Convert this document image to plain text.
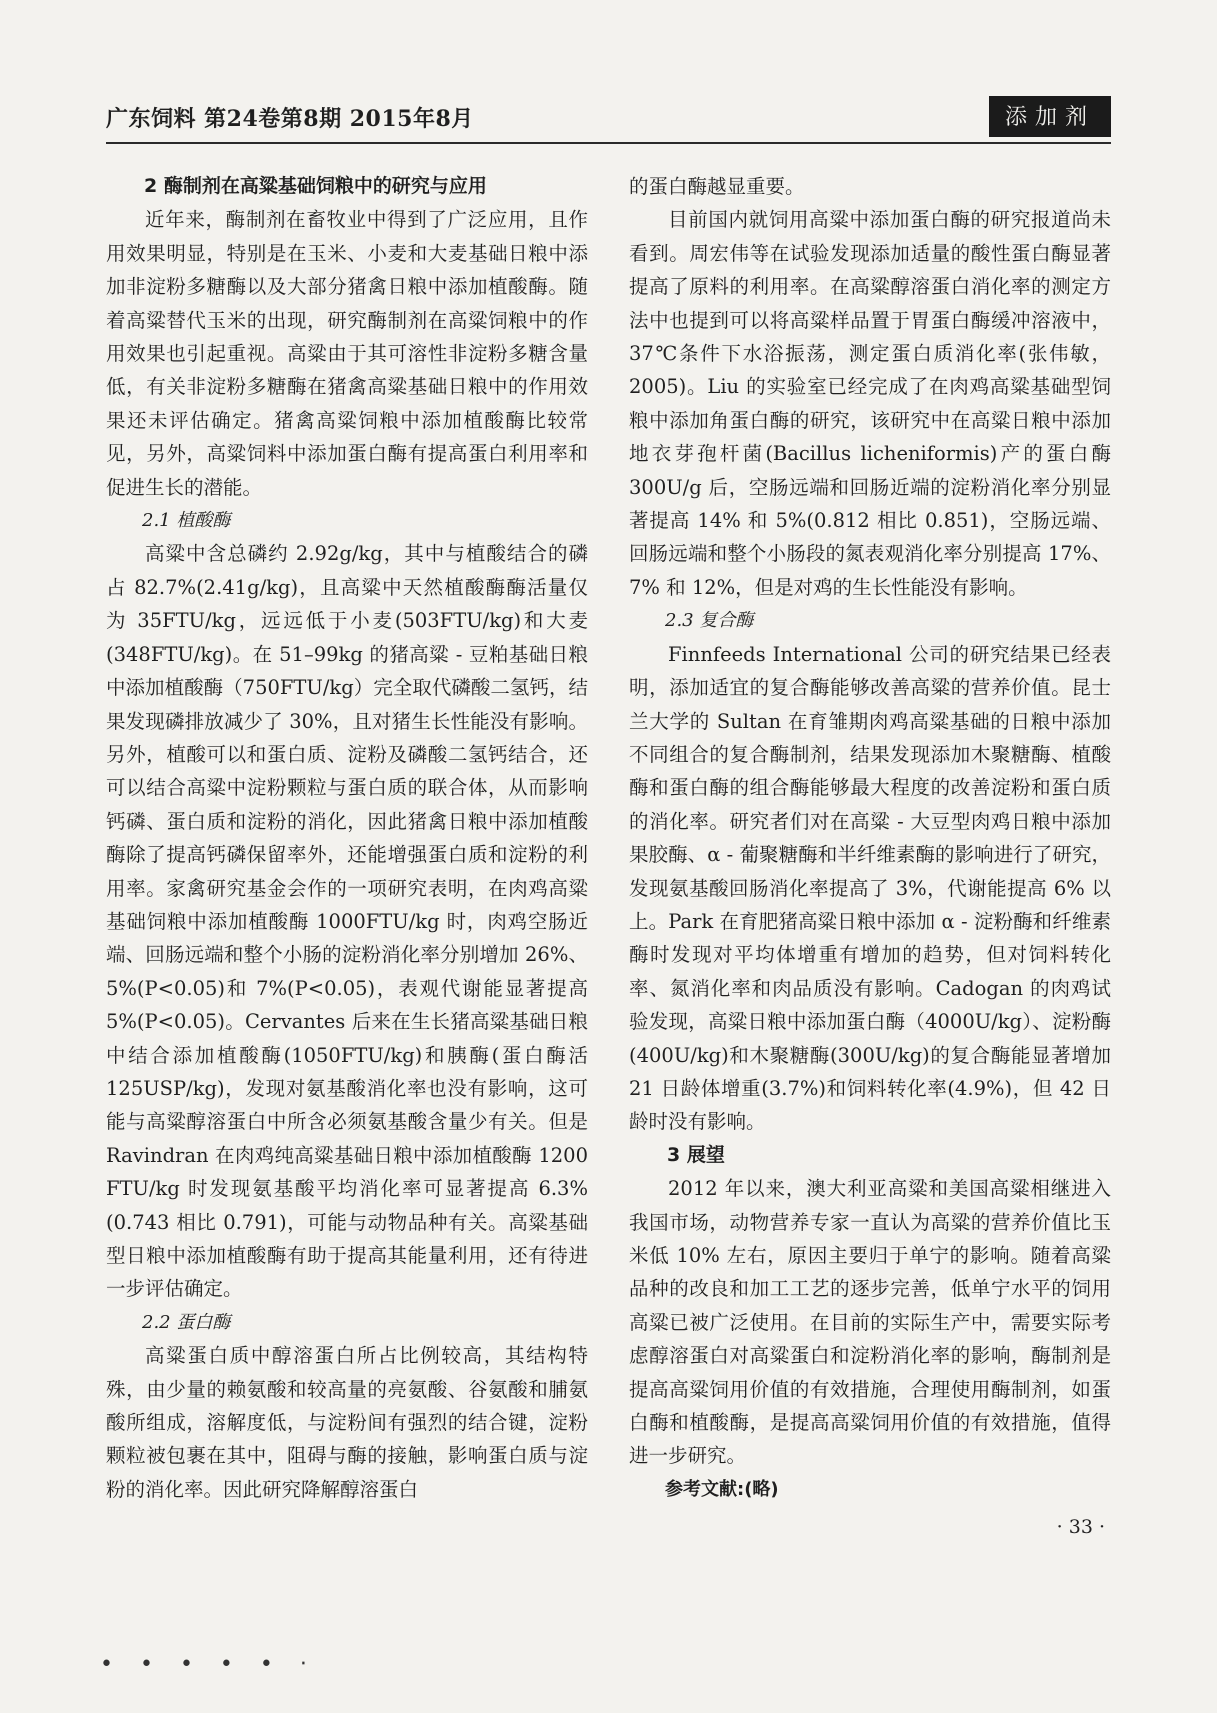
广东饲料 第24卷第8期 2015年8月	添加剂

2 酶制剂在高粱基础饲粮中的研究与应用

近年来，酶制剂在畜牧业中得到了广泛应用，且作用效果明显，特别是在玉米、小麦和大麦基础日粮中添加非淀粉多糖酶以及大部分猪禽日粮中添加植酸酶。随着高粱替代玉米的出现，研究酶制剂在高粱饲粮中的作用效果也引起重视。高粱由于其可溶性非淀粉多糖含量低，有关非淀粉多糖酶在猪禽高粱基础日粮中的作用效果还未评估确定。猪禽高粱饲粮中添加植酸酶比较常见，另外，高粱饲料中添加蛋白酶有提高蛋白利用率和促进生长的潜能。

2.1 植酸酶

高粱中含总磷约 2.92g/kg，其中与植酸结合的磷占 82.7%(2.41g/kg)，且高粱中天然植酸酶酶活量仅为 35FTU/kg，远远低于小麦(503FTU/kg)和大麦(348FTU/kg)。在 51–99kg 的猪高粱 - 豆粕基础日粮中添加植酸酶（750FTU/kg）完全取代磷酸二氢钙，结果发现磷排放减少了 30%，且对猪生长性能没有影响。另外，植酸可以和蛋白质、淀粉及磷酸二氢钙结合，还可以结合高粱中淀粉颗粒与蛋白质的联合体，从而影响钙磷、蛋白质和淀粉的消化，因此猪禽日粮中添加植酸酶除了提高钙磷保留率外，还能增强蛋白质和淀粉的利用率。家禽研究基金会作的一项研究表明，在肉鸡高粱基础饲粮中添加植酸酶 1000FTU/kg 时，肉鸡空肠近端、回肠远端和整个小肠的淀粉消化率分别增加 26%、5%(P<0.05)和 7%(P<0.05)，表观代谢能显著提高 5%(P<0.05)。Cervantes 后来在生长猪高粱基础日粮中结合添加植酸酶(1050FTU/kg)和胰酶(蛋白酶活 125USP/kg)，发现对氨基酸消化率也没有影响，这可能与高粱醇溶蛋白中所含必须氨基酸含量少有关。但是 Ravindran 在肉鸡纯高粱基础日粮中添加植酸酶 1200 FTU/kg 时发现氨基酸平均消化率可显著提高 6.3%(0.743 相比 0.791)，可能与动物品种有关。高粱基础型日粮中添加植酸酶有助于提高其能量利用，还有待进一步评估确定。

2.2 蛋白酶

高粱蛋白质中醇溶蛋白所占比例较高，其结构特殊，由少量的赖氨酸和较高量的亮氨酸、谷氨酸和脯氨酸所组成，溶解度低，与淀粉间有强烈的结合键，淀粉颗粒被包裹在其中，阻碍与酶的接触，影响蛋白质与淀粉的消化率。因此研究降解醇溶蛋白

的蛋白酶越显重要。

目前国内就饲用高粱中添加蛋白酶的研究报道尚未看到。周宏伟等在试验发现添加适量的酸性蛋白酶显著提高了原料的利用率。在高粱醇溶蛋白消化率的测定方法中也提到可以将高粱样品置于胃蛋白酶缓冲溶液中，37℃条件下水浴振荡，测定蛋白质消化率(张伟敏，2005)。Liu 的实验室已经完成了在肉鸡高粱基础型饲粮中添加角蛋白酶的研究，该研究中在高粱日粮中添加地衣芽孢杆菌(Bacillus licheniformis)产的蛋白酶 300U/g 后，空肠远端和回肠近端的淀粉消化率分别显著提高 14% 和 5%(0.812 相比 0.851)，空肠远端、回肠远端和整个小肠段的氮表观消化率分别提高 17%、7% 和 12%，但是对鸡的生长性能没有影响。

2.3 复合酶

Finnfeeds International 公司的研究结果已经表明，添加适宜的复合酶能够改善高粱的营养价值。昆士兰大学的 Sultan 在育雏期肉鸡高粱基础的日粮中添加不同组合的复合酶制剂，结果发现添加木聚糖酶、植酸酶和蛋白酶的组合酶能够最大程度的改善淀粉和蛋白质的消化率。研究者们对在高粱 - 大豆型肉鸡日粮中添加果胶酶、α - 葡聚糖酶和半纤维素酶的影响进行了研究，发现氨基酸回肠消化率提高了 3%，代谢能提高 6% 以上。Park 在育肥猪高粱日粮中添加 α - 淀粉酶和纤维素酶时发现对平均体增重有增加的趋势，但对饲料转化率、氮消化率和肉品质没有影响。Cadogan 的肉鸡试验发现，高粱日粮中添加蛋白酶（4000U/kg）、淀粉酶(400U/kg)和木聚糖酶(300U/kg)的复合酶能显著增加 21 日龄体增重(3.7%)和饲料转化率(4.9%)，但 42 日龄时没有影响。

3 展望

2012 年以来，澳大利亚高粱和美国高粱相继进入我国市场，动物营养专家一直认为高粱的营养价值比玉米低 10% 左右，原因主要归于单宁的影响。随着高粱品种的改良和加工工艺的逐步完善，低单宁水平的饲用高粱已被广泛使用。在目前的实际生产中，需要实际考虑醇溶蛋白对高粱蛋白和淀粉消化率的影响，酶制剂是提高高粱饲用价值的有效措施，合理使用酶制剂，如蛋白酶和植酸酶，是提高高粱饲用价值的有效措施，值得进一步研究。

参考文献:(略)

· 33 ·
• • • • • ‧
